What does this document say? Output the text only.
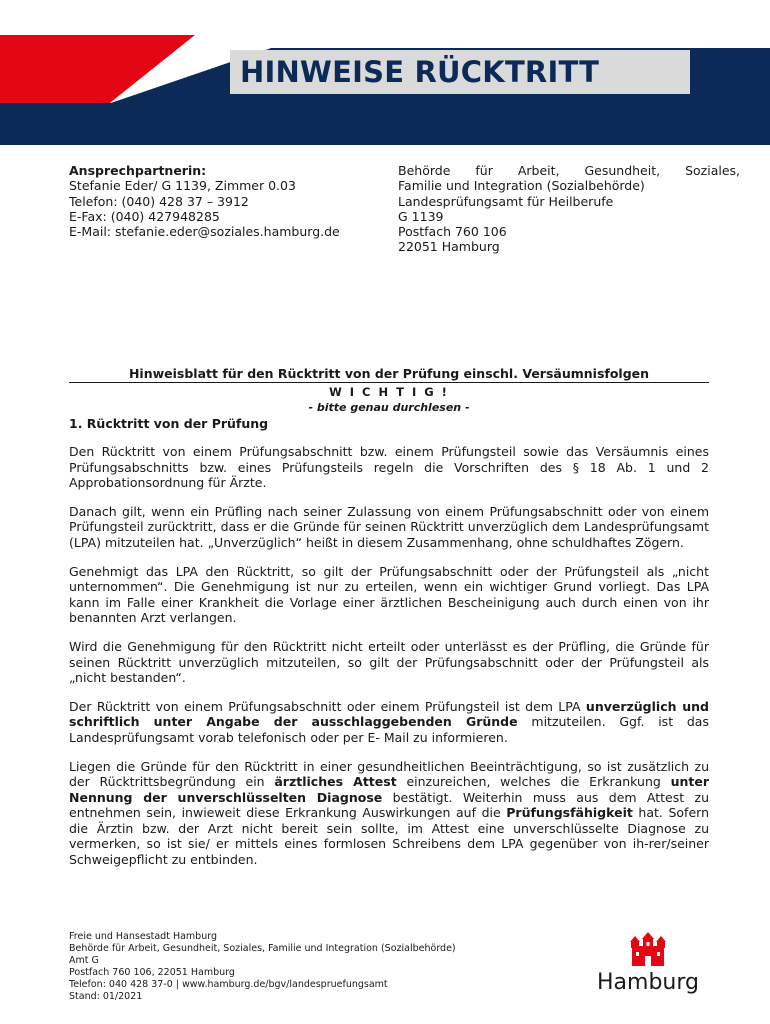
HINWEISE RÜCKTRITT
Ansprechpartnerin:
Stefanie Eder/ G 1139, Zimmer 0.03
Telefon: (040) 428 37 – 3912
E-Fax: (040) 427948285
E-Mail: stefanie.eder@soziales.hamburg.de
Behörde für Arbeit, Gesundheit, Soziales,
Familie und Integration (Sozialbehörde)
Landesprüfungsamt für Heilberufe
G 1139
Postfach 760 106
22051 Hamburg
Hinweisblatt für den Rücktritt von der Prüfung einschl. Versäumnisfolgen
W I C H T I G !
- bitte genau durchlesen -
1. Rücktritt von der Prüfung

Den Rücktritt von einem Prüfungsabschnitt bzw. einem Prüfungsteil sowie das Versäumnis eines Prüfungsabschnitts bzw. eines Prüfungsteils regeln die Vorschriften des § 18 Ab. 1 und 2 Approbationsordnung für Ärzte.

Danach gilt, wenn ein Prüfling nach seiner Zulassung von einem Prüfungsabschnitt oder von einem Prüfungsteil zurücktritt, dass er die Gründe für seinen Rücktritt unverzüglich dem Landesprüfungsamt (LPA) mitzuteilen hat. „Unverzüglich“ heißt in diesem Zusammenhang, ohne schuldhaftes Zögern.

Genehmigt das LPA den Rücktritt, so gilt der Prüfungsabschnitt oder der Prüfungsteil als „nicht unternommen“. Die Genehmigung ist nur zu erteilen, wenn ein wichtiger Grund vorliegt. Das LPA kann im Falle einer Krankheit die Vorlage einer ärztlichen Bescheinigung auch durch einen von ihr benannten Arzt verlangen.

Wird die Genehmigung für den Rücktritt nicht erteilt oder unterlässt es der Prüfling, die Gründe für seinen Rücktritt unverzüglich mitzuteilen, so gilt der Prüfungsabschnitt oder der Prüfungsteil als „nicht bestanden“.

Der Rücktritt von einem Prüfungsabschnitt oder einem Prüfungsteil ist dem LPA unverzüglich und schriftlich unter Angabe der ausschlaggebenden Gründe mitzuteilen. Ggf. ist das Landesprüfungsamt vorab telefonisch oder per E- Mail zu informieren.

Liegen die Gründe für den Rücktritt in einer gesundheitlichen Beeinträchtigung, so ist zusätzlich zu der Rücktrittsbegründung ein ärztliches Attest einzureichen, welches die Erkrankung unter Nennung der unverschlüsselten Diagnose bestätigt. Weiterhin muss aus dem Attest zu entnehmen sein, inwieweit diese Erkrankung Auswirkungen auf die Prüfungsfähigkeit hat. Sofern die Ärztin bzw. der Arzt nicht bereit sein sollte, im Attest eine unverschlüsselte Diagnose zu vermerken, so ist sie/ er mittels eines formlosen Schreibens dem LPA gegenüber von ih-rer/seiner Schweigepflicht zu entbinden.

Freie und Hansestadt Hamburg
Behörde für Arbeit, Gesundheit, Soziales, Familie und Integration (Sozialbehörde)
Amt G
Postfach 760 106, 22051 Hamburg
Telefon: 040 428 37-0 | www.hamburg.de/bgv/landespruefungsamt
Stand: 01/2021
Hamburg
